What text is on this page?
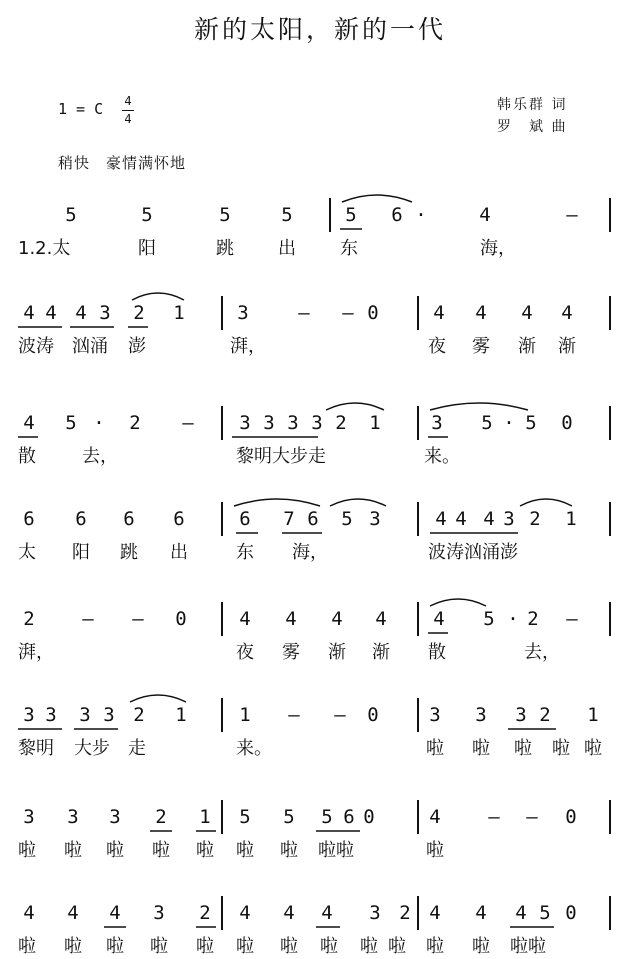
新的太阳，新的一代
1 = C	4
4
韩乐群 词
罗　斌 曲
稍快　豪情满怀地
5	5	5	5	5 6 ·	4	—
1.2.太	阳	跳 出 东	海，
4 4 4 3 2 1	3	—	— 0	4 4 4 4
波涛 汹涌 澎	湃，	夜 雾 渐 渐
4 5 · 2	—	3 3 3 3 2 1	3 5 · 5 0
散	去，	黎明大步走	来。
6 6 6 6	6 7 6 5 3	4 4 4 3 2 1
太 阳 跳 出	东 海，	波涛汹涌澎
2	—	—	0	4 4 4 4 4 5 · 2	—
湃，	夜 雾 渐 渐 散	去，
3 3 3 3 2 1	1	—	—	0	3 3 3 2 1
黎明 大步 走	来。	啦 啦 啦 啦 啦
3 3 3 2 1 5 5 5 6 0	4	—	—	0
啦 啦 啦 啦 啦 啦 啦 啦啦	啦
4 4 4 3 2 4 4 4 3 2 4 4 4 5 0
啦 啦 啦 啦 啦 啦 啦 啦 啦 啦 啦 啦 啦啦
